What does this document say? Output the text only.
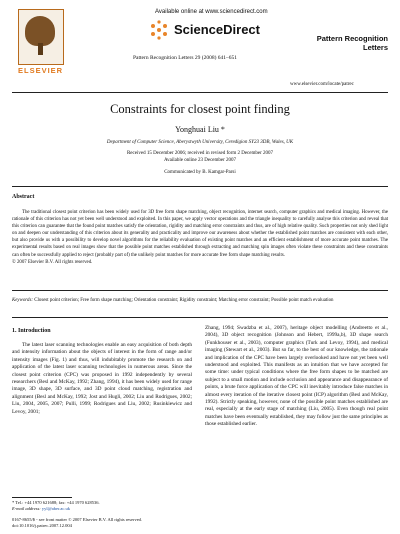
ELSEVIER
Available online at www.sciencedirect.com
ScienceDirect
Pattern Recognition Letters 29 (2008) 641–651
Pattern Recognition Letters
www.elsevier.com/locate/patrec
Constraints for closest point finding
Yonghuai Liu *
Department of Computer Science, Aberystwyth University, Ceredigion SY23 3DB, Wales, UK
Received 15 December 2006; received in revised form 2 December 2007
Available online 23 December 2007
Communicated by B. Kamgar-Parsi
Abstract
The traditional closest point criterion has been widely used for 3D free form shape matching, object recognition, internet search, computer graphics and medical imaging. However, the rationale of this criterion has not yet been well understood and exploited. In this paper, we apply vector operations and the triangle inequality to carefully analyse this criterion and reveal that this criterion can guarantee that the found point matches satisfy the orientation, rigidity and matching error constraints and thus, are of high relative quality. Such properties not only shed light on and deepen our understanding of this criterion about its generality and practicality and improve our awareness about whether the established point matches are consistent with each other, but also provide us with a possibility to develop novel algorithms for the reliability evaluation of existing point matches and an efficient establishment of more accurate point matches. The experimental results based on real images show that the possible point matches established through extracting and matching spin images often violate these constraints and these constraints can often be successfully applied to reject (probably part of) the unlikely point matches for more accurate free form shape matching results.
© 2007 Elsevier B.V. All rights reserved.
Keywords: Closest point criterion; Free form shape matching; Orientation constraint; Rigidity constraint; Matching error constraint; Possible point match evaluation
1. Introduction
The latest laser scanning technologies enable an easy acquisition of both depth and intensity information about the objects of interest in the form of range and/or intensity images (Fig. 1) and thus, will indubitably promote the research on and application of the latest laser scanning technologies in numerous areas. Since the closest point criterion (CPC) was proposed in 1992 independently by several researchers (Besl and McKay, 1992; Zhang, 1994), it has been widely used for range image, 3D shape, 3D surface, and 3D point cloud matching, registration and alignment (Besl and McKay, 1992; Jost and Hugli, 2002; Liu and Rodrigues, 2002; Liu, 2004, 2005, 2007; Pulli, 1999; Rodrigues and Liu, 2002; Rusinkiewicz and Levoy, 2001;
Zhang, 1994; Swadzba et al., 2007), heritage object modelling (Andreetto et al., 2004), 3D object recognition (Johnson and Hebert, 1999a,b), 3D shape search (Funkhouser et al., 2003), computer graphics (Turk and Levoy, 1994), and medical imaging (Stewart et al., 2003). But so far, to the best of our knowledge, the rationale and implication of the CPC have been largely overlooked and have not yet been well understood and exploited. This manifests as an intuition that we have accepted for some time: under typical conditions where the free form shapes to be matched are subject to a small motion and include occlusion and appearance and disappearance of points, a brute force application of the CPC will inevitably introduce false matches in almost every iteration of the iterative closest point (ICP) algorithm (Besl and McKay, 1992). Strictly speaking, however, none of the possible point matches established are real, especially at the early stage of matching (Liu, 2005). Even though real point matches have been eventually established, they may follow just the same principles as those established earlier.
* Tel.: +44 1970 621688; fax: +44 1970 628536.
E-mail address: yyl@aber.ac.uk
0167-8655/$ - see front matter © 2007 Elsevier B.V. All rights reserved.
doi:10.1016/j.patrec.2007.12.004
